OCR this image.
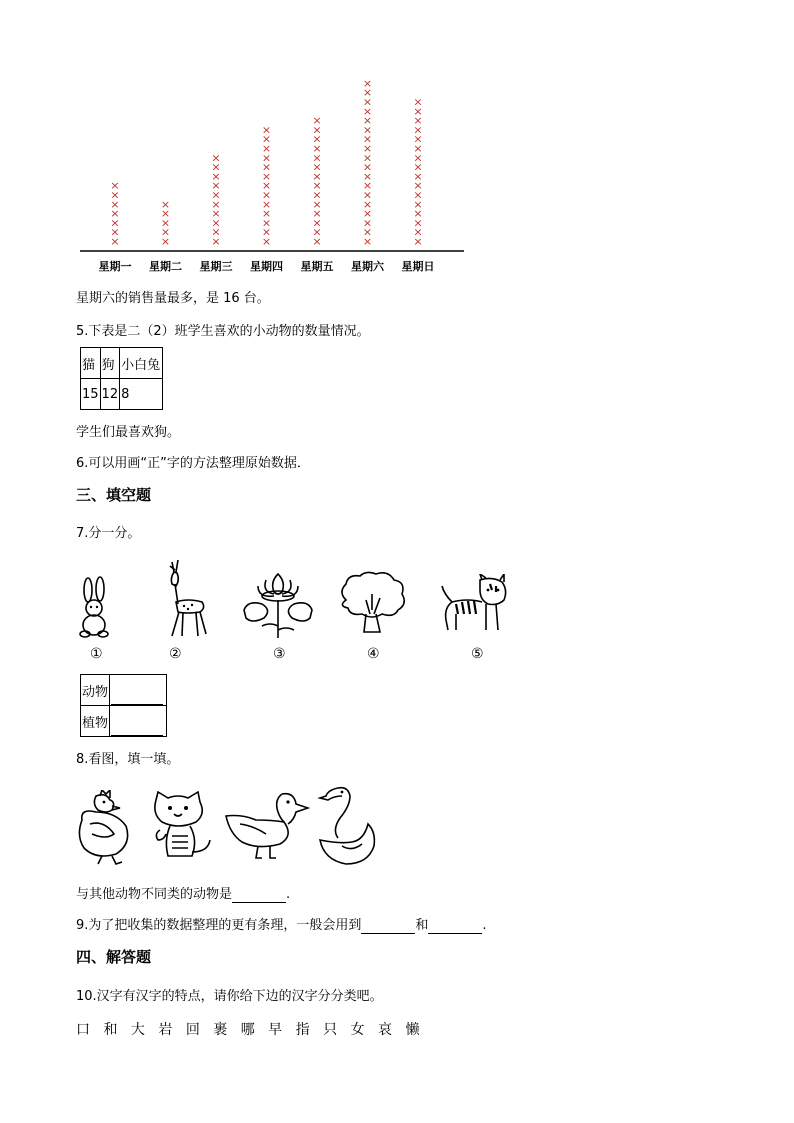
×
×
×
×
×
×
×
×
×
×
×
×
×
×
×
×
×
×
×
×
×
×
×
×
×
×
×
×
×
×
×
×
×
×
×
×
×
×
×
×
×
×
×
×
×
×
×
×
×
×
×
×
×
×
×
×
×
×
×
×
×
×
×
×
×
×
×
×
×
×
×
×
×
×
×
×
×
×
×
×
×
×
×
星期一 星期二 星期三 星期四 星期五 星期六 星期日
星期六的销售量最多，是 16 台。
5.下表是二（2）班学生喜欢的小动物的数量情况。
猫	狗	小白兔
15	12	8
学生们最喜欢狗。
6.可以用画“正”字的方法整理原始数据．
三、填空题
7.分一分。
①	②	③	④	⑤
动物	
植物	
8.看图，填一填。
与其他动物不同类的动物是	.
9.为了把收集的数据整理的更有条理，一般会用到	和	.
四、解答题
10.汉字有汉字的特点，请你给下边的汉字分分类吧。
口 和 大 岩 回 裹 哪 早 指 只 女 哀 懒
